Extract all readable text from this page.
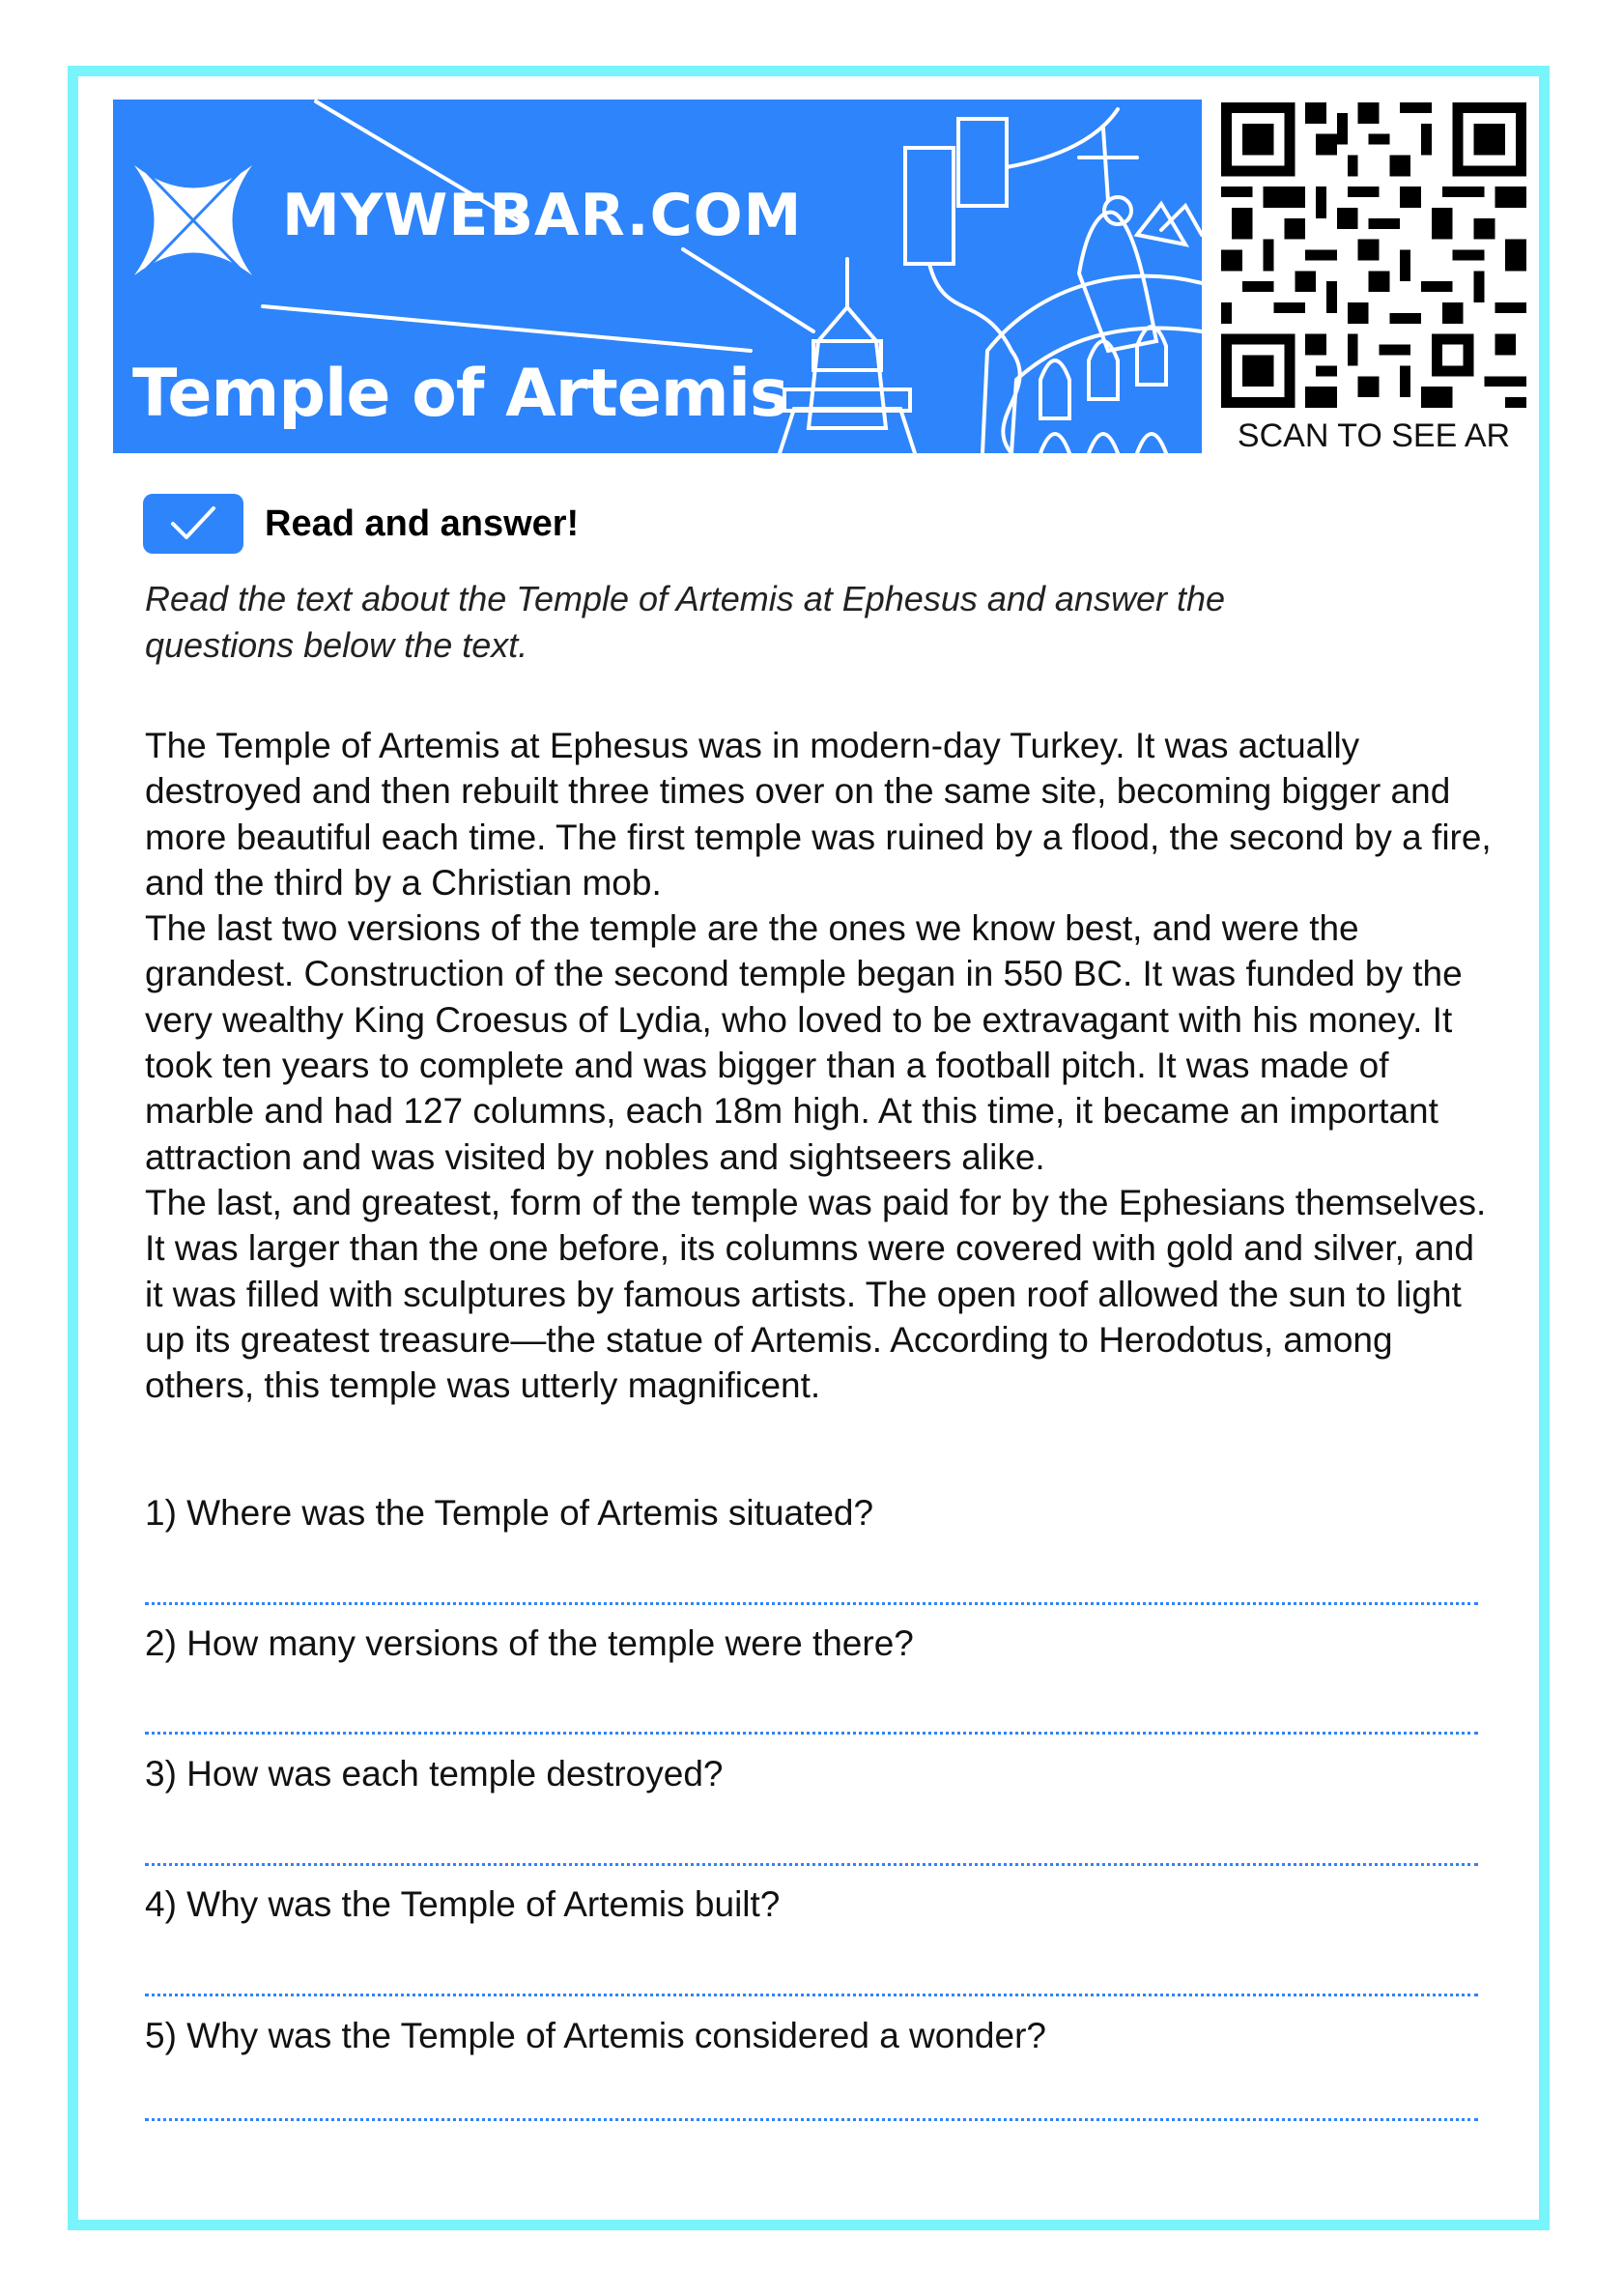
MYWEBAR.COM
Temple of Artemis
SCAN TO SEE AR
Read and answer!
Read the text about the Temple of Artemis at Ephesus and answer the questions below the text.

The Temple of Artemis at Ephesus was in modern-day Turkey. It was actually destroyed and then rebuilt three times over on the same site, becoming bigger and more beautiful each time. The first temple was ruined by a flood, the second by a fire, and the third by a Christian mob.

The last two versions of the temple are the ones we know best, and were the grandest. Construction of the second temple began in 550 BC. It was funded by the very wealthy King Croesus of Lydia, who loved to be extravagant with his money. It took ten years to complete and was bigger than a football pitch. It was made of marble and had 127 columns, each 18m high. At this time, it became an important attraction and was visited by nobles and sightseers alike.

The last, and greatest, form of the temple was paid for by the Ephesians themselves. It was larger than the one before, its columns were covered with gold and silver, and it was filled with sculptures by famous artists. The open roof allowed the sun to light up its greatest treasure—the statue of Artemis. According to Herodotus, among others, this temple was utterly magnificent.

1) Where was the Temple of Artemis situated?
2) How many versions of the temple were there?
3) How was each temple destroyed?
4) Why was the Temple of Artemis built?
5) Why was the Temple of Artemis considered a wonder?
